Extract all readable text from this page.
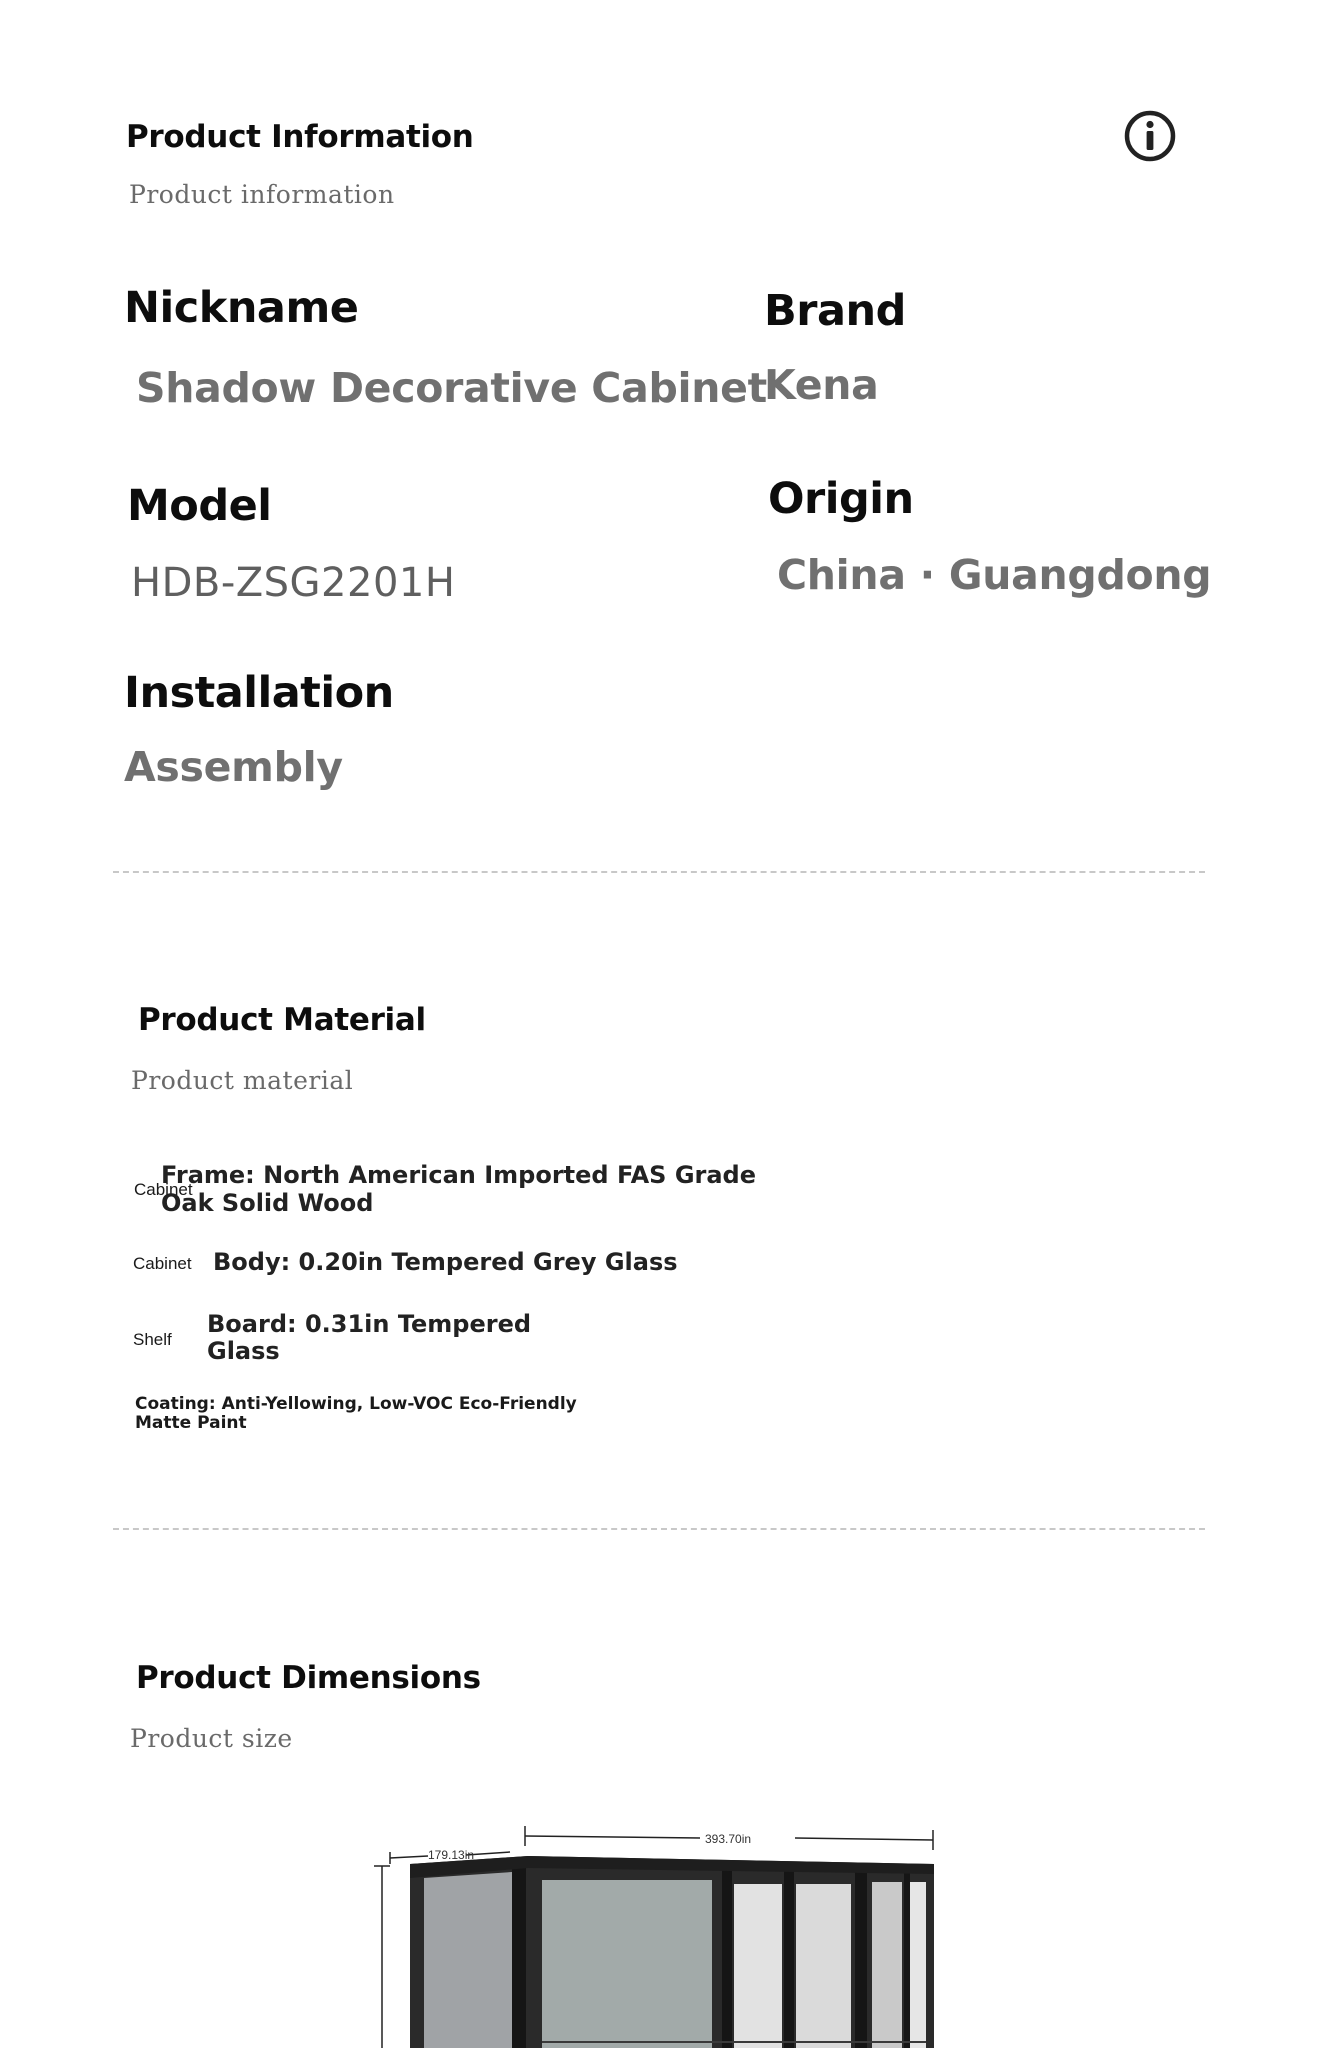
Product Information
Product information
Nickname
Shadow Decorative Cabinet
Brand
Kena
Model
HDB-ZSG2201H
Origin
China · Guangdong
Installation
Assembly
Product Material
Product material
Cabinet
Frame: North American Imported FAS Grade
Oak Solid Wood
Cabinet Body: 0.20in Tempered Grey Glass
Shelf
Board: 0.31in Tempered
Glass
Coating: Anti-Yellowing, Low-VOC Eco-Friendly
Matte Paint
Product Dimensions
Product size
179.13in
393.70in
